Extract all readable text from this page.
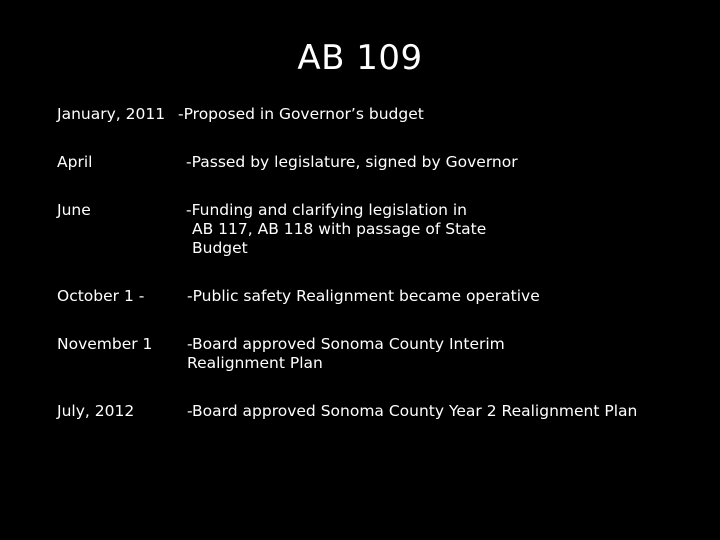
AB 109
January, 2011 -Proposed in Governor’s budget
April	-Passed by legislature, signed by Governor
June	-Funding and clarifying legislation in
AB 117, AB 118 with passage of State
Budget
October 1 -	-Public safety Realignment became operative
November 1 -Board approved Sonoma County Interim
Realignment Plan
July, 2012	-Board approved Sonoma County Year 2 Realignment Plan
